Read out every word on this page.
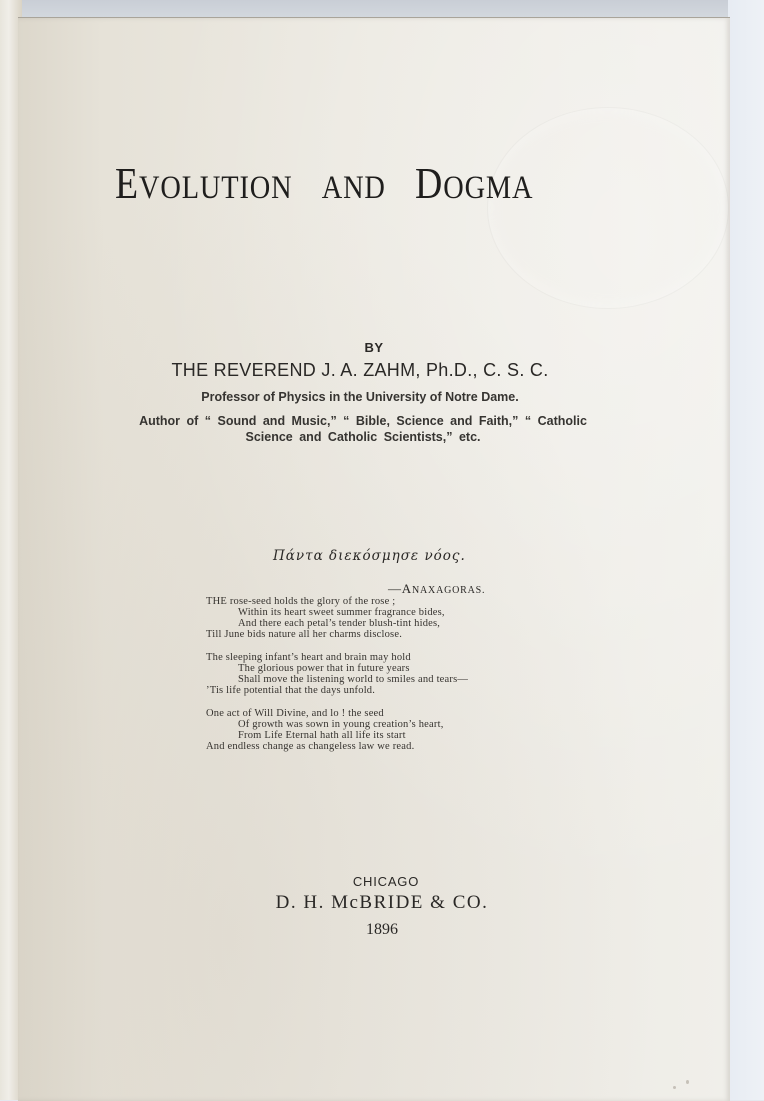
EVOLUTION AND DOGMA
BY
THE REVEREND J. A. ZAHM, Ph.D., C. S. C.
Professor of Physics in the University of Notre Dame.
Author of “ Sound and Music,” “ Bible, Science and Faith,” “ Catholic
Science and Catholic Scientists,” etc.
Πάντα διεκόσμησε νόος.
—ANAXAGORAS.
THE rose-seed holds the glory of the rose ;
Within its heart sweet summer fragrance bides,
And there each petal’s tender blush-tint hides,
Till June bids nature all her charms disclose.
The sleeping infant’s heart and brain may hold
The glorious power that in future years
Shall move the listening world to smiles and tears—
’Tis life potential that the days unfold.
One act of Will Divine, and lo ! the seed
Of growth was sown in young creation’s heart,
From Life Eternal hath all life its start
And endless change as changeless law we read.
CHICAGO
D. H. McBRIDE & CO.
1896
